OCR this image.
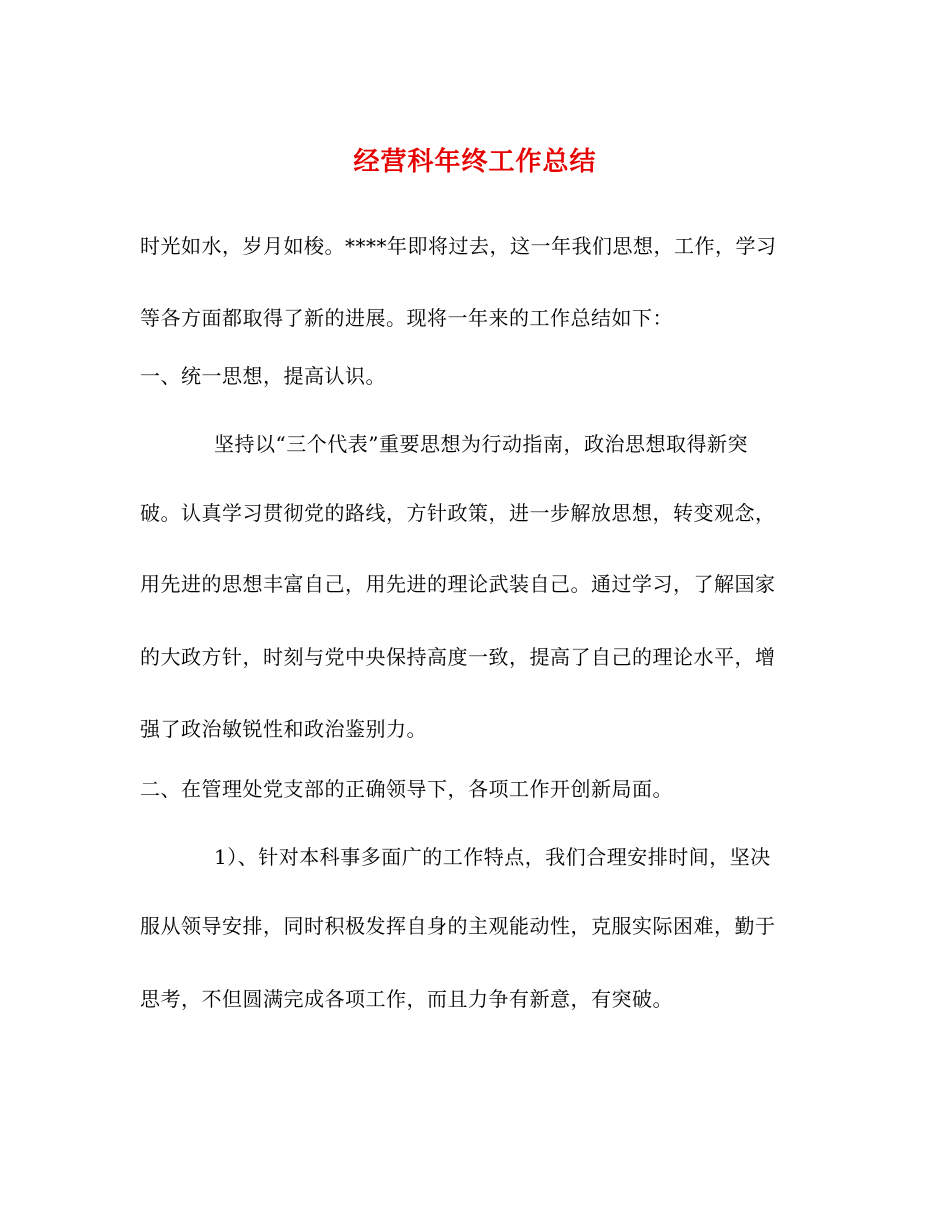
经营科年终工作总结
时光如水，岁月如梭。****年即将过去，这一年我们思想，工作，学习
等各方面都取得了新的进展。现将一年来的工作总结如下：
一、统一思想，提高认识。
坚持以“三个代表”重要思想为行动指南，政治思想取得新突
破。认真学习贯彻党的路线，方针政策，进一步解放思想，转变观念，
用先进的思想丰富自己，用先进的理论武装自己。通过学习，了解国家
的大政方针，时刻与党中央保持高度一致，提高了自己的理论水平，增
强了政治敏锐性和政治鉴别力。
二、在管理处党支部的正确领导下，各项工作开创新局面。
1）、针对本科事多面广的工作特点，我们合理安排时间，坚决
服从领导安排，同时积极发挥自身的主观能动性，克服实际困难，勤于
思考，不但圆满完成各项工作，而且力争有新意，有突破。
